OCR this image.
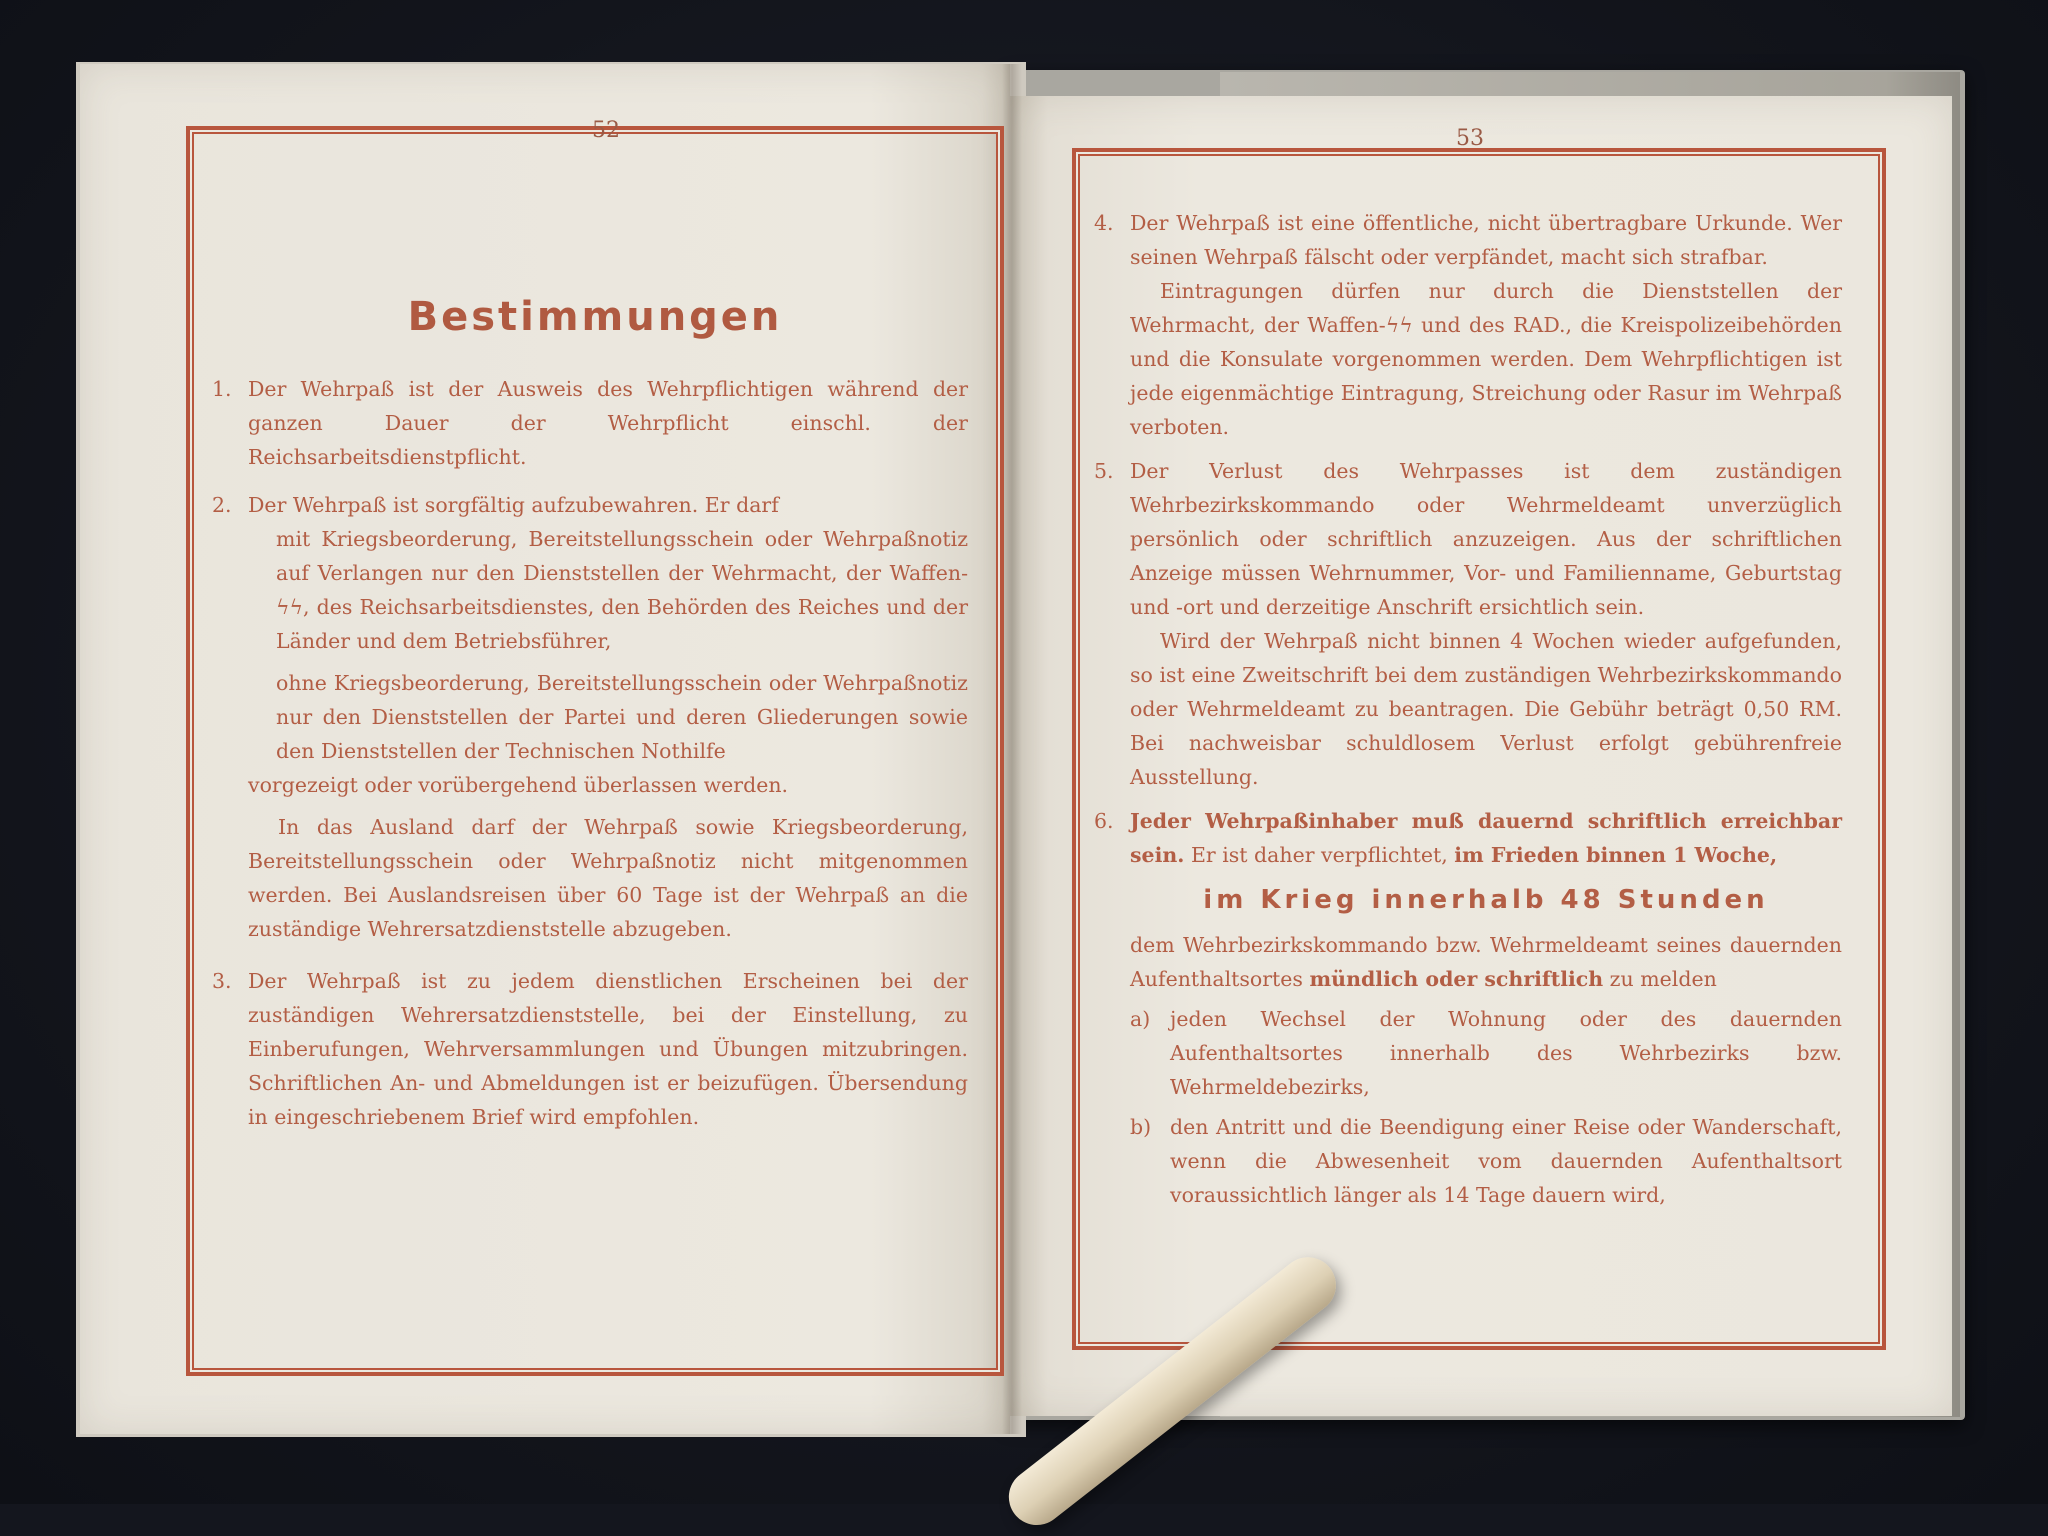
52	53
Bestimmungen
1. Der Wehrpaß ist der Ausweis des Wehrpflichtigen während der ganzen Dauer der Wehrpflicht einschl. der Reichsarbeitsdienstpflicht.

2. Der Wehrpaß ist sorgfältig aufzubewahren. Er darf

mit Kriegsbeorderung, Bereitstellungsschein oder Wehrpaßnotiz auf Verlangen nur den Dienststellen der Wehrmacht, der Waffen-ϟϟ, des Reichsarbeitsdienstes, den Behörden des Reiches und der Länder und dem Betriebsführer,

ohne Kriegsbeorderung, Bereitstellungsschein oder Wehrpaßnotiz nur den Dienststellen der Partei und deren Gliederungen sowie den Dienststellen der Technischen Nothilfe

vorgezeigt oder vorübergehend überlassen werden.

In das Ausland darf der Wehrpaß sowie Kriegsbeorderung, Bereitstellungsschein oder Wehrpaßnotiz nicht mitgenommen werden. Bei Auslandsreisen über 60 Tage ist der Wehrpaß an die zuständige Wehrersatzdienststelle abzugeben.

3. Der Wehrpaß ist zu jedem dienstlichen Erscheinen bei der zuständigen Wehrersatzdienststelle, bei der Einstellung, zu Einberufungen, Wehrversammlungen und Übungen mitzubringen. Schriftlichen An- und Abmeldungen ist er beizufügen. Übersendung in eingeschriebenem Brief wird empfohlen.

4. Der Wehrpaß ist eine öffentliche, nicht übertragbare Urkunde. Wer seinen Wehrpaß fälscht oder verpfändet, macht sich strafbar.

Eintragungen dürfen nur durch die Dienststellen der Wehrmacht, der Waffen-ϟϟ und des RAD., die Kreispolizeibehörden und die Konsulate vorgenommen werden. Dem Wehrpflichtigen ist jede eigenmächtige Eintragung, Streichung oder Rasur im Wehrpaß verboten.

5. Der Verlust des Wehrpasses ist dem zuständigen Wehrbezirkskommando oder Wehrmeldeamt unverzüglich persönlich oder schriftlich anzuzeigen. Aus der schriftlichen Anzeige müssen Wehrnummer, Vor- und Familienname, Geburtstag und -ort und derzeitige Anschrift ersichtlich sein.

Wird der Wehrpaß nicht binnen 4 Wochen wieder aufgefunden, so ist eine Zweitschrift bei dem zuständigen Wehrbezirkskommando oder Wehrmeldeamt zu beantragen. Die Gebühr beträgt 0,50 RM. Bei nachweisbar schuldlosem Verlust erfolgt gebührenfreie Ausstellung.

6. Jeder Wehrpaßinhaber muß dauernd schriftlich erreichbar sein. Er ist daher verpflichtet, im Frieden binnen 1 Woche,

im Krieg innerhalb 48 Stunden

dem Wehrbezirkskommando bzw. Wehrmeldeamt seines dauernden Aufenthaltsortes mündlich oder schriftlich zu melden

a) jeden Wechsel der Wohnung oder des dauernden Aufenthaltsortes innerhalb des Wehrbezirks bzw. Wehrmeldebezirks,

b) den Antritt und die Beendigung einer Reise oder Wanderschaft, wenn die Abwesenheit vom dauernden Aufenthaltsort voraussichtlich länger als 14 Tage dauern wird,
